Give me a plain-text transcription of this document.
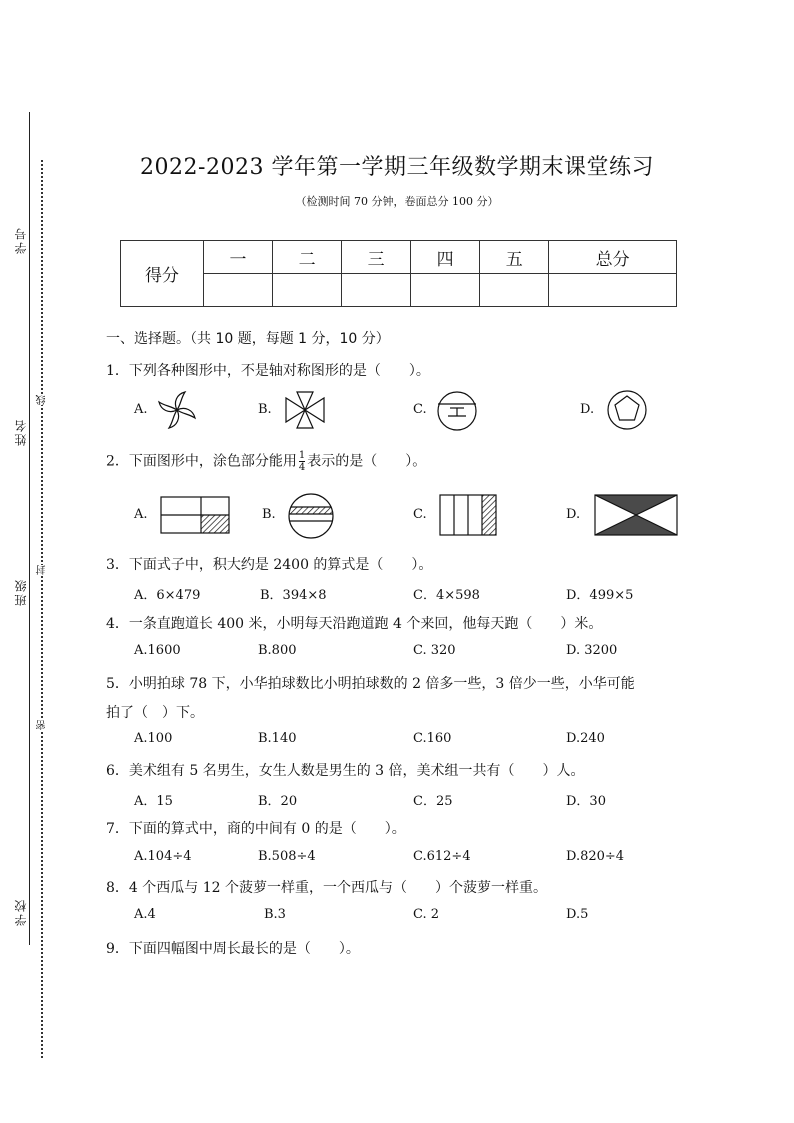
学号
姓名
班级
学校
线
封
密
2022-2023 学年第一学期三年级数学期末课堂练习
（检测时间 70 分钟，卷面总分 100 分）
得分	一	二	三	四	五	总分

一、选择题。（共 10 题，每题 1 分，10 分）
1．下列各种图形中，不是轴对称图形的是（　　）。
A.	B.	C.	D.
2．下面图形中，涂色部分能用 $\frac{1}{4}$ 表示的是（　　）。
A.	B.	C.	D.
3．下面式子中，积大约是 2400 的算式是（　　）。
A．6×479	B．394×8	C．4×598	D．499×5
4．一条直跑道长 400 米，小明每天沿跑道跑 4 个来回，他每天跑（　　）米。
A.1600	B.800	C. 320	D. 3200
5．小明拍球 78 下，小华拍球数比小明拍球数的 2 倍多一些，3 倍少一些，小华可能
拍了（　）下。
A.100	B.140	C.160	D.240
6．美术组有 5 名男生，女生人数是男生的 3 倍，美术组一共有（　　）人。
A．15	B．20	C．25	D．30
7．下面的算式中，商的中间有 0 的是（　　）。
A.104÷4	B.508÷4	C.612÷4	D.820÷4
8．4 个西瓜与 12 个菠萝一样重，一个西瓜与（　　）个菠萝一样重。
A.4	B.3	C. 2	D.5
9．下面四幅图中周长最长的是（　　）。
